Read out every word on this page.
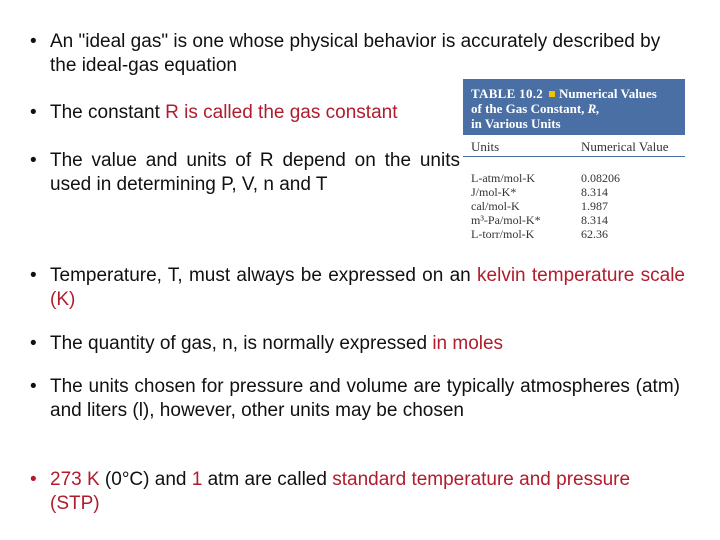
• An "ideal gas" is one whose physical behavior is accurately described by the ideal-gas equation
• The constant R is called the gas constant
• The value and units of R depend on the units used in determining P, V, n and T
• Temperature, T, must always be expressed on an kelvin temperature scale (K)
• The quantity of gas, n, is normally expressed in moles
• The units chosen for pressure and volume are typically atmospheres (atm) and liters (l), however, other units may be chosen
• 273 K (0°C) and 1 atm are called standard temperature and pressure (STP)
TABLE 10.2 Numerical Values
of the Gas Constant, R,
in Various Units
Units	Numerical Value
L-atm/mol-K	0.08206
J/mol-K*	8.314
cal/mol-K	1.987
m³-Pa/mol-K*	8.314
L-torr/mol-K	62.36
